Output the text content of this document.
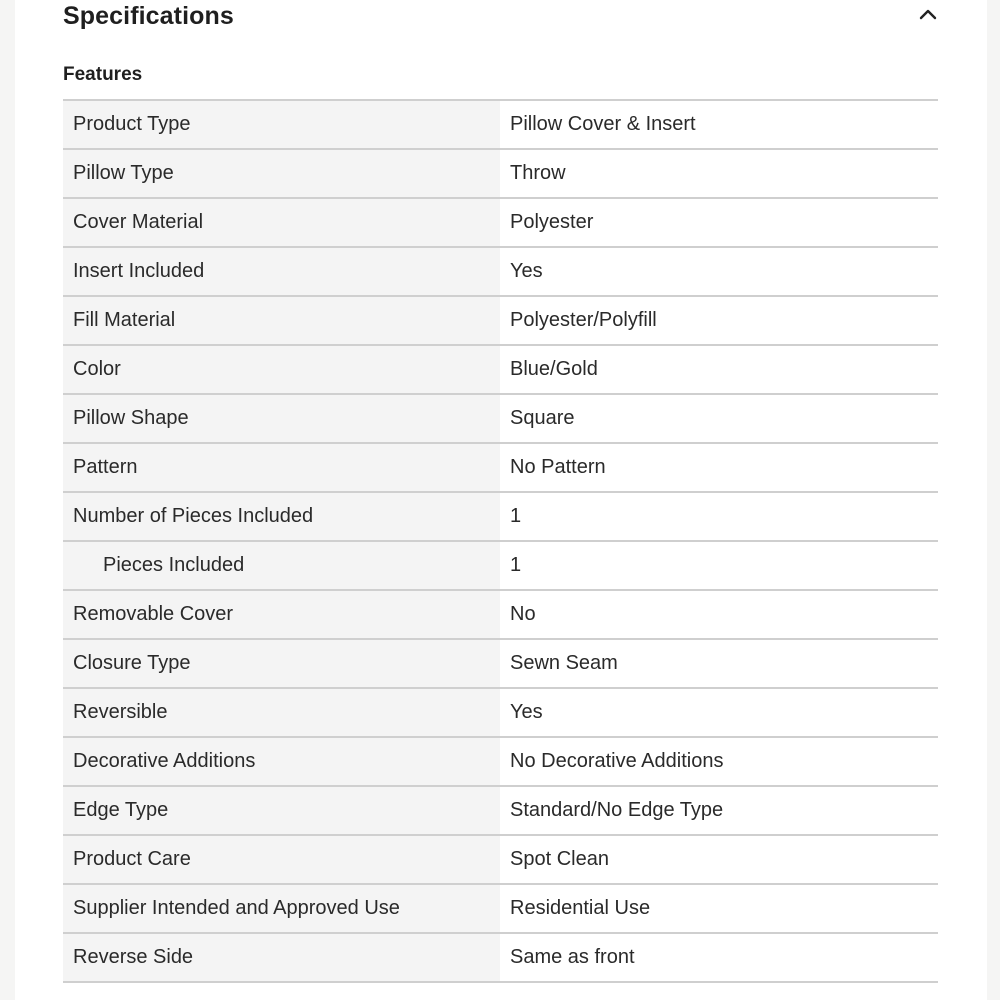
Specifications
Features
Product Type	Pillow Cover & Insert
Pillow Type	Throw
Cover Material	Polyester
Insert Included	Yes
Fill Material	Polyester/Polyfill
Color	Blue/Gold
Pillow Shape	Square
Pattern	No Pattern
Number of Pieces Included	1
Pieces Included	1
Removable Cover	No
Closure Type	Sewn Seam
Reversible	Yes
Decorative Additions	No Decorative Additions
Edge Type	Standard/No Edge Type
Product Care	Spot Clean
Supplier Intended and Approved Use	Residential Use
Reverse Side	Same as front
